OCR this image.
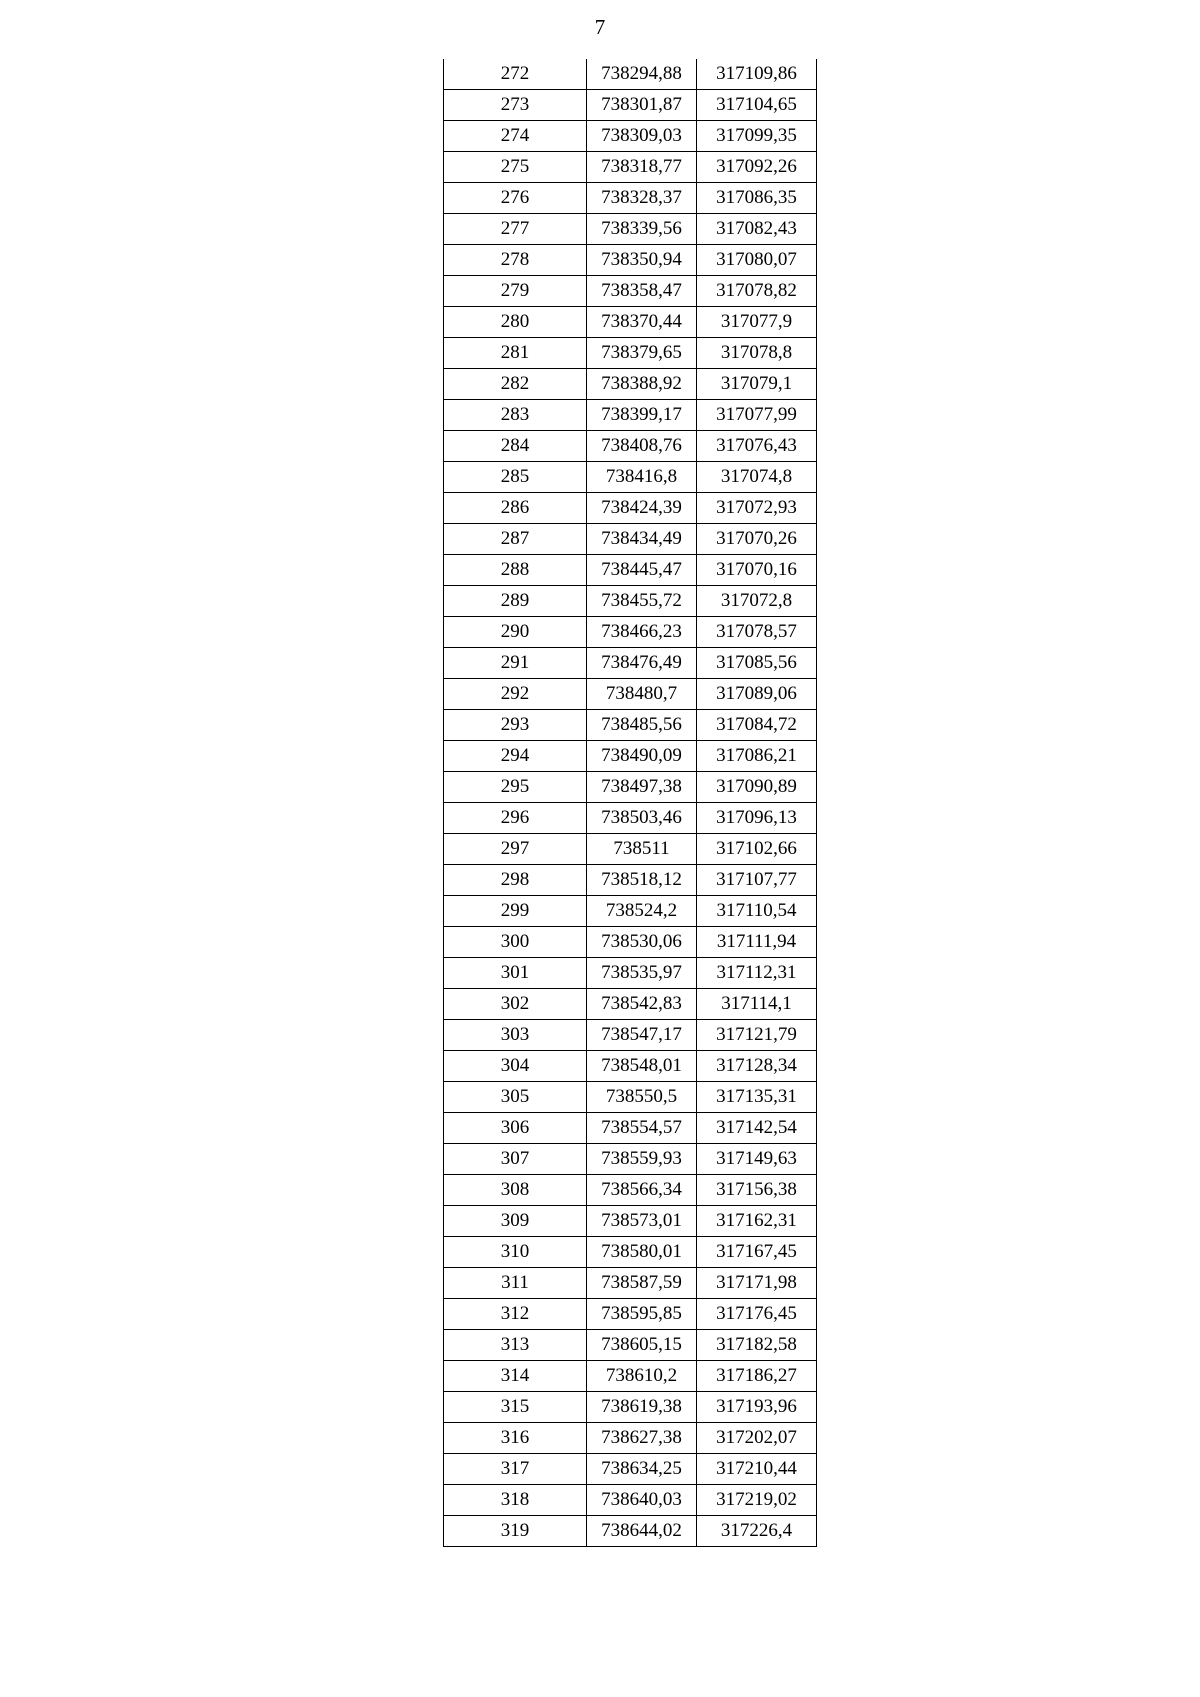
7
272	738294,88	317109,86
273	738301,87	317104,65
274	738309,03	317099,35
275	738318,77	317092,26
276	738328,37	317086,35
277	738339,56	317082,43
278	738350,94	317080,07
279	738358,47	317078,82
280	738370,44	317077,9
281	738379,65	317078,8
282	738388,92	317079,1
283	738399,17	317077,99
284	738408,76	317076,43
285	738416,8	317074,8
286	738424,39	317072,93
287	738434,49	317070,26
288	738445,47	317070,16
289	738455,72	317072,8
290	738466,23	317078,57
291	738476,49	317085,56
292	738480,7	317089,06
293	738485,56	317084,72
294	738490,09	317086,21
295	738497,38	317090,89
296	738503,46	317096,13
297	738511	317102,66
298	738518,12	317107,77
299	738524,2	317110,54
300	738530,06	317111,94
301	738535,97	317112,31
302	738542,83	317114,1
303	738547,17	317121,79
304	738548,01	317128,34
305	738550,5	317135,31
306	738554,57	317142,54
307	738559,93	317149,63
308	738566,34	317156,38
309	738573,01	317162,31
310	738580,01	317167,45
311	738587,59	317171,98
312	738595,85	317176,45
313	738605,15	317182,58
314	738610,2	317186,27
315	738619,38	317193,96
316	738627,38	317202,07
317	738634,25	317210,44
318	738640,03	317219,02
319	738644,02	317226,4
